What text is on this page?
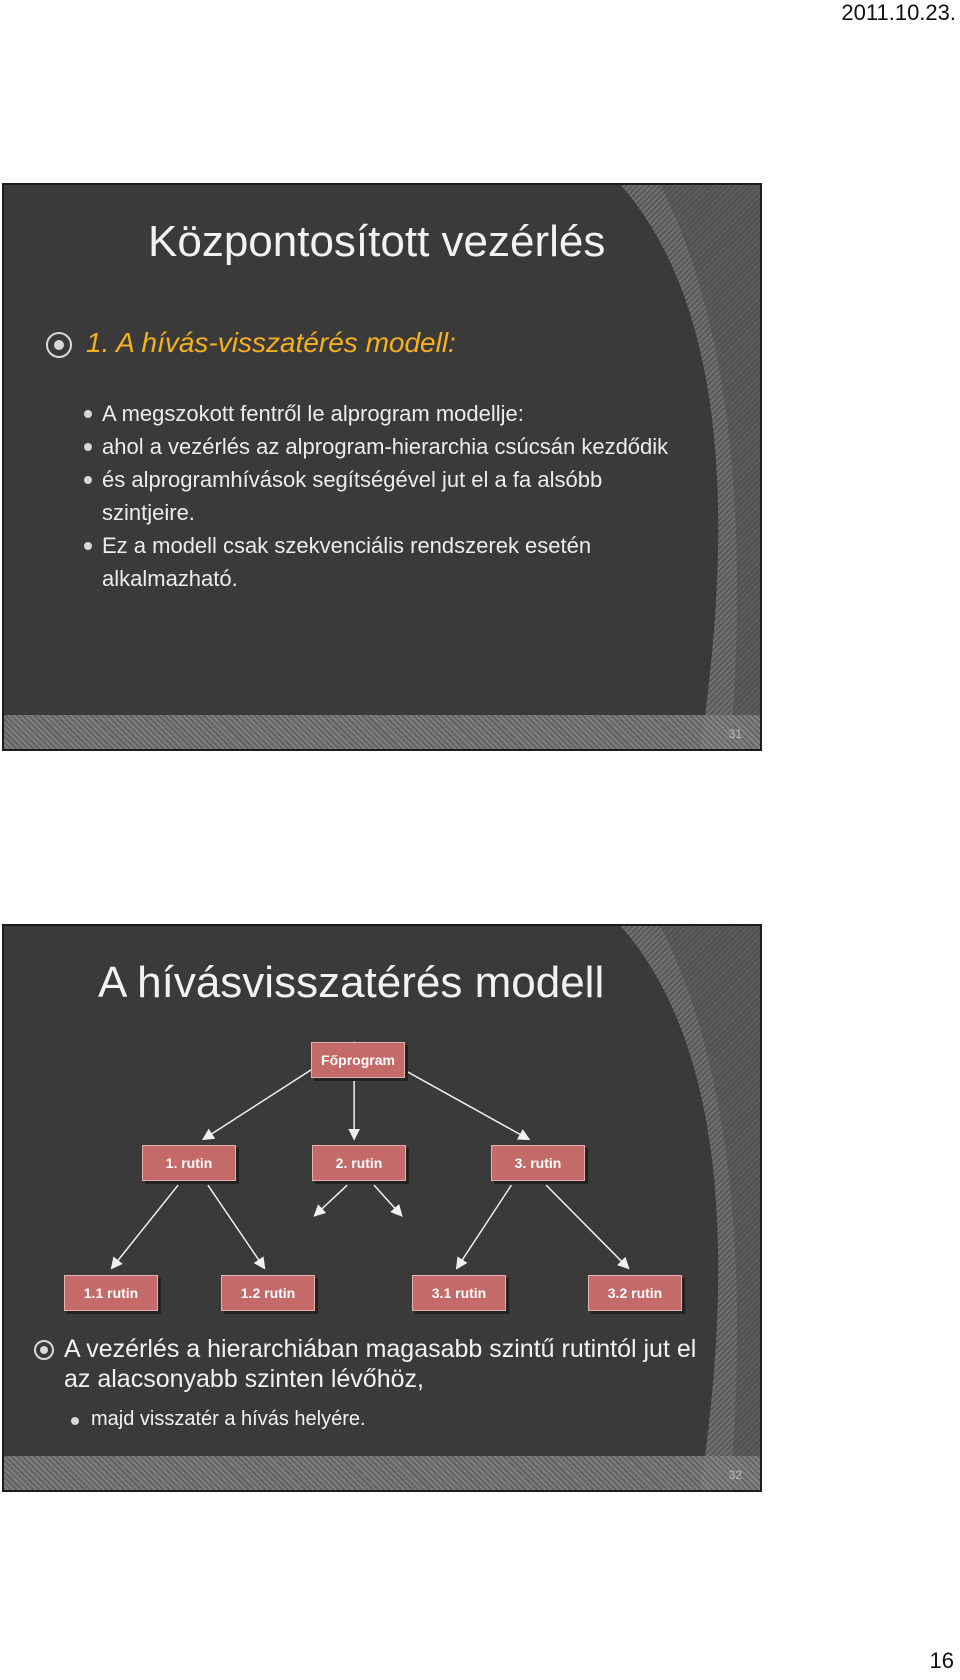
2011.10.23.
Központosított vezérlés
1. A hívás-visszatérés modell:
A megszokott fentről le alprogram modellje:
ahol a vezérlés az alprogram-hierarchia csúcsán kezdődik
és alprogramhívások segítségével jut el a fa alsóbb szintjeire.
Ez a modell csak szekvenciális rendszerek esetén alkalmazható.
31
A hívásvisszatérés modell
Főprogram
1. rutin	2. rutin	3. rutin
1.1 rutin	1.2 rutin	3.1 rutin	3.2 rutin
A vezérlés a hierarchiában magasabb szintű rutintól jut el az alacsonyabb szinten lévőhöz,
majd visszatér a hívás helyére.
32
16
